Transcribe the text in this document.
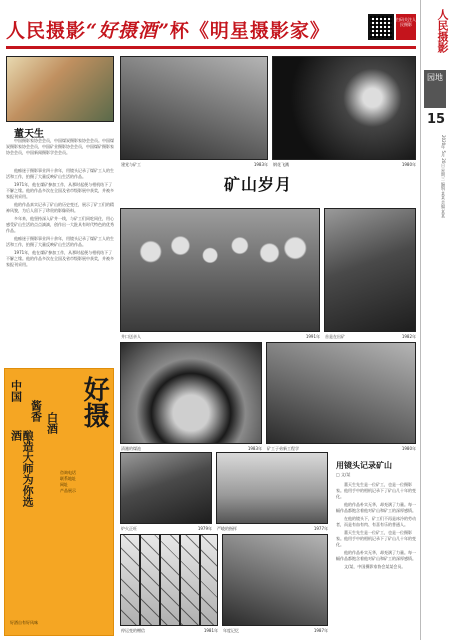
人民摄影“好摄酒”杯《明星摄影家》
扫码关注人民摄影	人民摄影
园地
15
2020年 5月 20日 星期三 编辑:某某 美编:某某
董天生

中国摄影家协会会员，中国煤炭摄影家协会会员。中国煤炭摄影家协会会员，中国矿业摄影协会会员，中国煤矿摄影家协会会员，中国新闻摄影学会会员。

他痴迷于摄影事业四十余年，用镜头记录了煤矿工人的生活和工作，拍摄了大量反映矿山生活的作品。

1971年，他在煤矿参加工作，从那时起便与相机结下了不解之缘。他的作品多次在全国及省市级影展中获奖，并被多家报刊采用。

他的作品真实记录了矿山的历史变迁，展示了矿工们的精神风貌，为后人留下了珍贵的影像资料。

多年来，他坚持深入矿井一线，与矿工们同吃同住，用心感受矿山生活的点点滴滴，创作出一大批具有时代特色的优秀作品。

他痴迷于摄影事业四十余年，用镜头记录了煤矿工人的生活和工作，拍摄了大量反映矿山生活的作品。

1971年，他在煤矿参加工作，从那时起便与相机结下了不解之缘。他的作品多次在全国及省市级影展中获奖，并被多家报刊采用。

建党与矿工	1983年 钢花飞溅	1980年
矿山岁月
井口送亲人	1991年 首是在出矿	1982年
清澈的煤池	1983年 矿工子弟新工程学	1980年
好摄
中国
酱香
白酒
酿造大师为你选酒
咨询电话
联系地址
网址
产品展示
好酒自有好风味
炉火正旺	1979年 严峻的指挥	1977年
用镜头记录矿山
□ 文/某

董天生先生是一位矿工，也是一位摄影家。他用手中的相机记录下了矿山几十年的变化。

他的作品朴实无华，却充满了力量。每一幅作品都饱含着他对矿山和矿工的深厚感情。

在他的镜头下，矿工们不再是冰冷的劳动者，而是有血有肉、有喜有乐的普通人。

董天生先生是一位矿工，也是一位摄影家。他用手中的相机记录下了矿山几十年的变化。

他的作品朴实无华，却充满了力量。每一幅作品都饱含着他对矿山和矿工的深厚感情。

文/某，中国摄影家协会某某会员。

停运变的赠信	1981年 年度记忆	1987年
